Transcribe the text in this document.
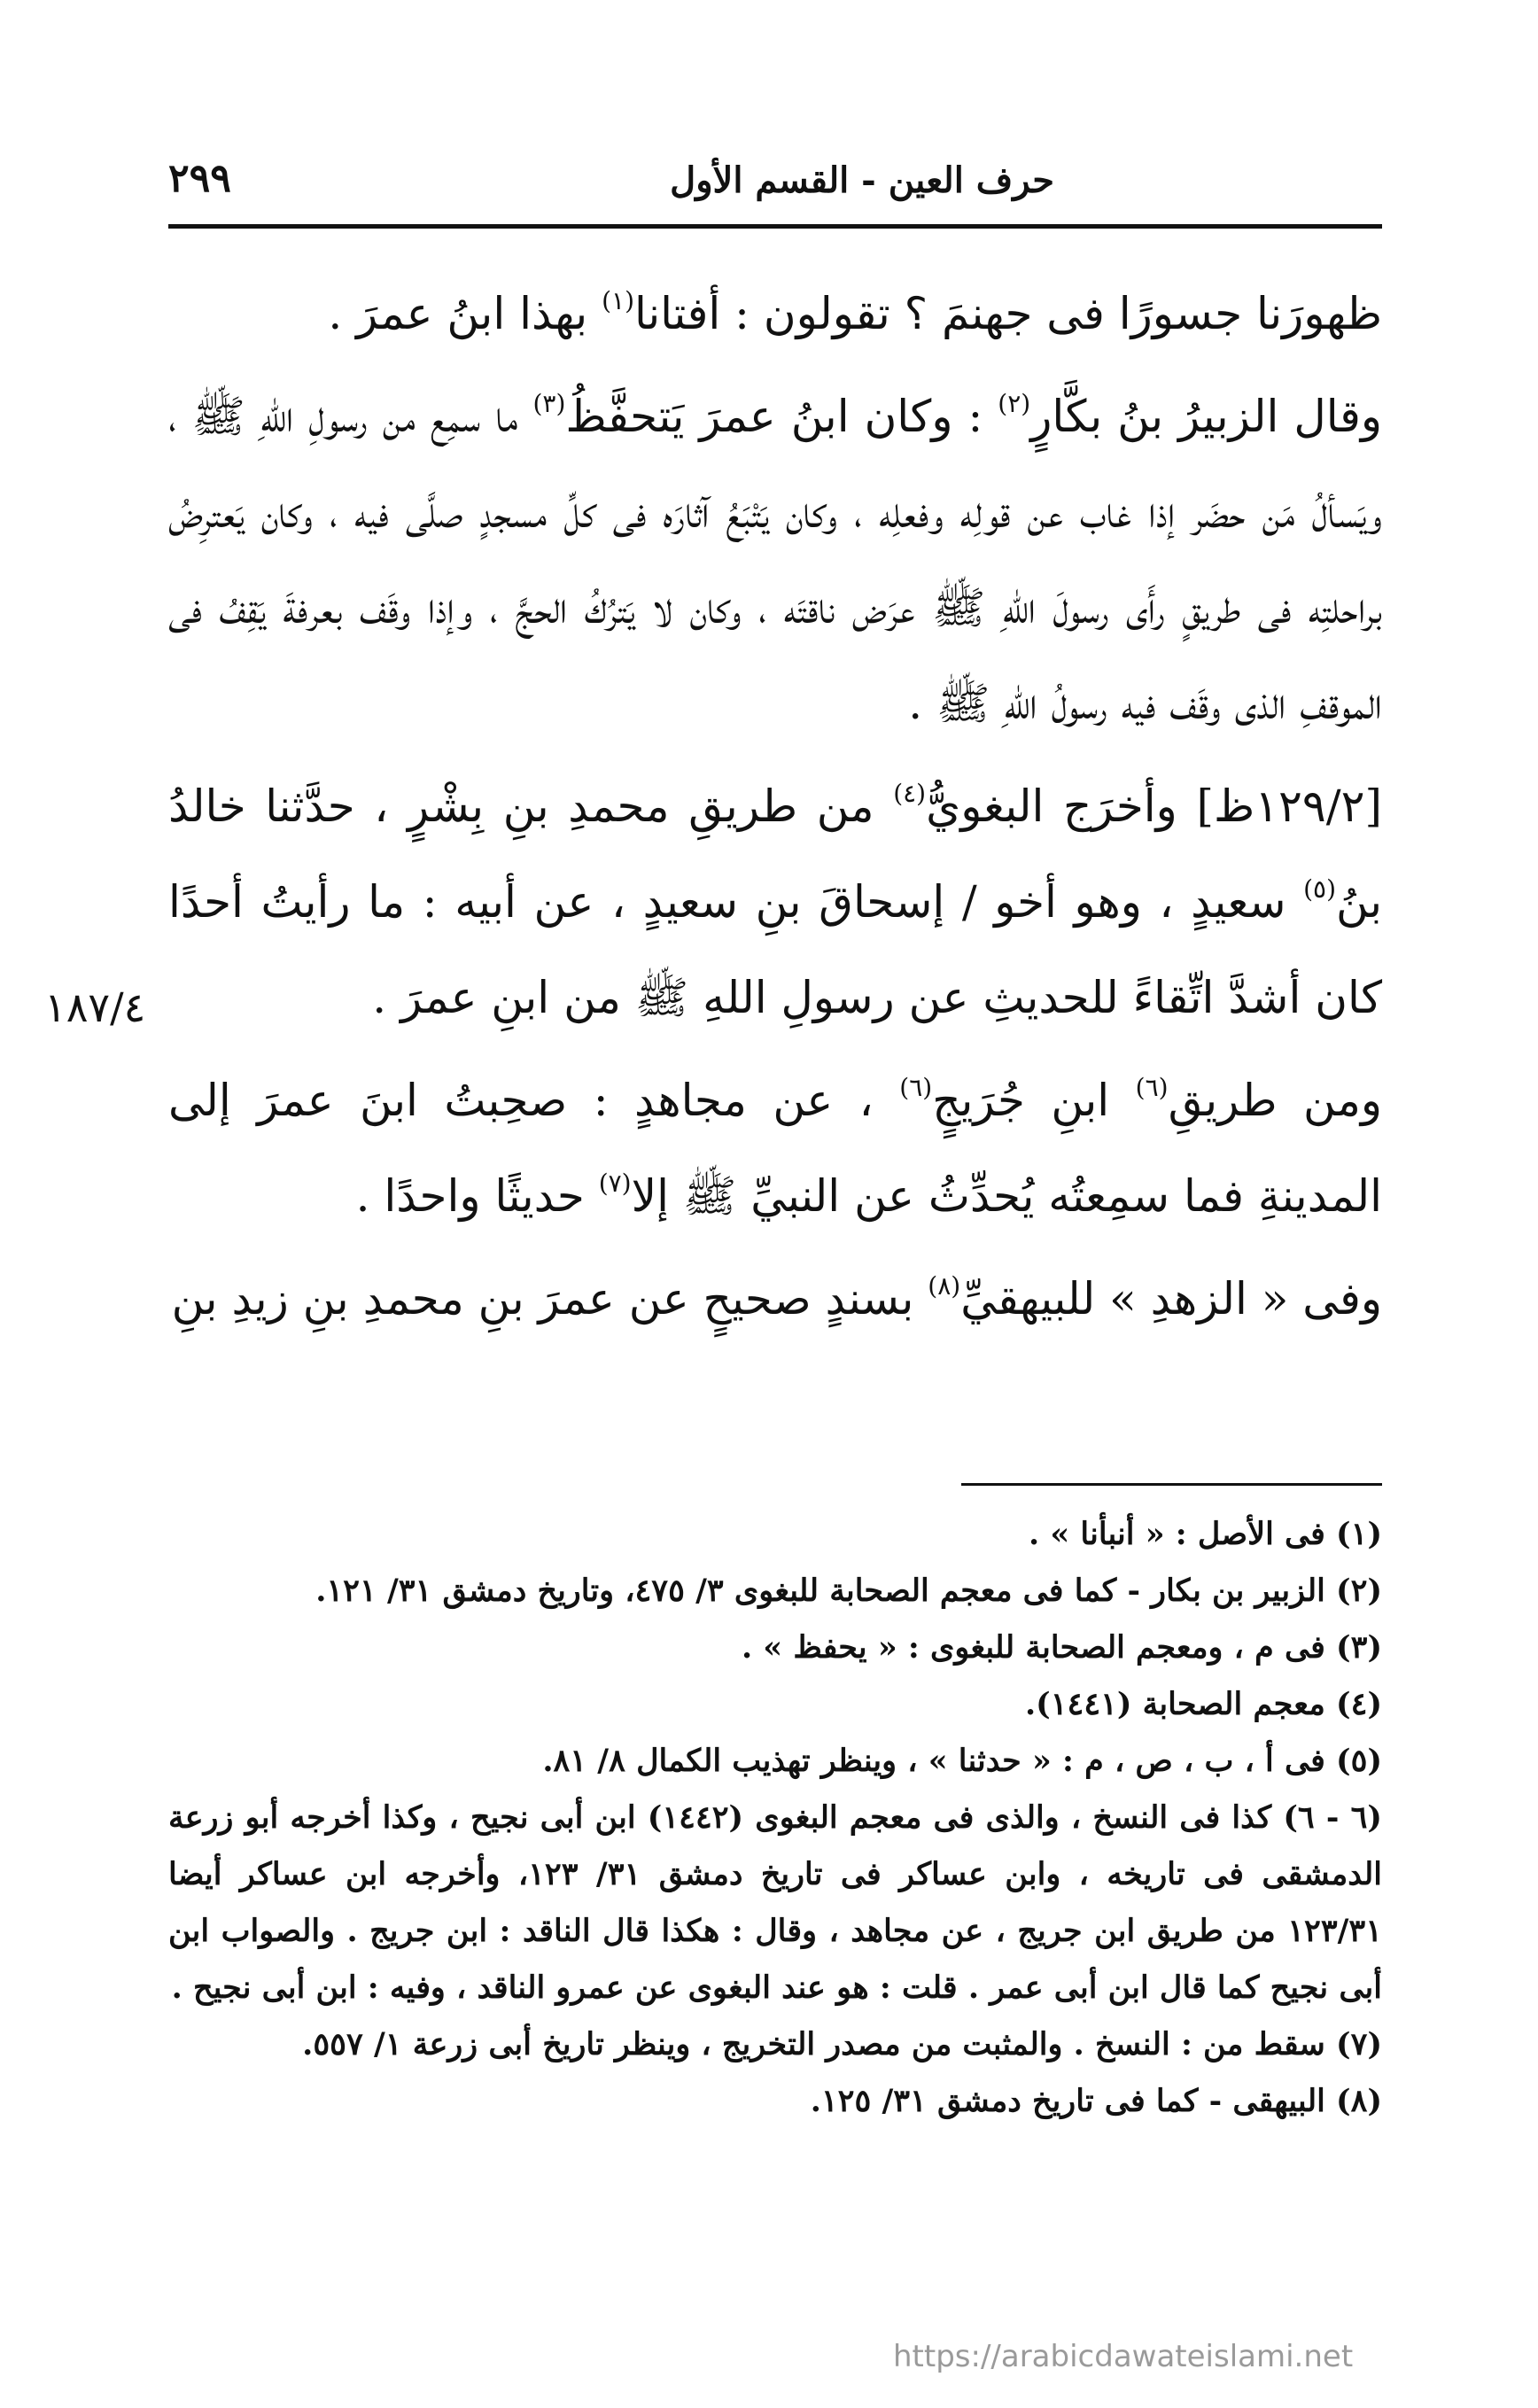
٢٩٩	حرف العين - القسم الأول

ظهورَنا جسورًا فى جهنمَ ؟ تقولون : أفتانا$^{(١)}$ بهذا ابنُ عمرَ .

وقال الزبيرُ بنُ بكَّارٍ$^{(٢)}$ : وكان ابنُ عمرَ يَتحفَّظُ$^{(٣)}$ ما سمِع من رسولِ اللهِ ﷺ ، ويَسألُ مَن حضَر إذا غاب عن قولِه وفعلِه ، وكان يَتْبَعُ آثارَه فى كلِّ مسجدٍ صلَّى فيه ، وكان يَعترِضُ براحلتِه فى طريقٍ رأَى رسولَ اللهِ ﷺ عرَض ناقتَه ، وكان لا يَترُكُ الحجَّ ، وإذا وقَف بعرفةَ يَقِفُ فى الموقفِ الذى وقَف فيه رسولُ اللهِ ﷺ .

[١٢٩/٢ظ] وأخرَج البغويُّ$^{(٤)}$ من طريقِ محمدِ بنِ بِشْرٍ ، حدَّثنا خالدُ بنُ$^{(٥)}$ سعيدٍ ، وهو أخو / إسحاقَ بنِ سعيدٍ ، عن أبيه : ما رأيتُ أحدًا كان أشدَّ اتِّقاءً للحديثِ عن رسولِ اللهِ ﷺ من ابنِ عمرَ .

ومن طريقِ$^{(٦)}$ ابنِ جُرَيجٍ$^{(٦)}$ ، عن مجاهدٍ : صحِبتُ ابنَ عمرَ إلى المدينةِ فما سمِعتُه يُحدِّثُ عن النبيِّ ﷺ إلا$^{(٧)}$ حديثًا واحدًا .

وفى « الزهدِ » للبيهقيِّ$^{(٨)}$ بسندٍ صحيحٍ عن عمرَ بنِ محمدِ بنِ زيدِ بنِ

١٨٧/٤

(١) فى الأصل : « أنبأنا » .

(٢) الزبير بن بكار - كما فى معجم الصحابة للبغوى ٣/ ٤٧٥، وتاريخ دمشق ٣١/ ١٢١.

(٣) فى م ، ومعجم الصحابة للبغوى : « يحفظ » .

(٤) معجم الصحابة (١٤٤١).

(٥) فى أ ، ب ، ص ، م : « حدثنا » ، وينظر تهذيب الكمال ٨/ ٨١.

(٦ - ٦) كذا فى النسخ ، والذى فى معجم البغوى (١٤٤٢) ابن أبى نجيح ، وكذا أخرجه أبو زرعة الدمشقى فى تاريخه ، وابن عساكر فى تاريخ دمشق ٣١/ ١٢٣، وأخرجه ابن عساكر أيضا ١٢٣/٣١ من طريق ابن جريج ، عن مجاهد ، وقال : هكذا قال الناقد : ابن جريج . والصواب ابن أبى نجيح كما قال ابن أبى عمر . قلت : هو عند البغوى عن عمرو الناقد ، وفيه : ابن أبى نجيح .

(٧) سقط من : النسخ . والمثبت من مصدر التخريج ، وينظر تاريخ أبى زرعة ١/ ٥٥٧.

(٨) البيهقى - كما فى تاريخ دمشق ٣١/ ١٢٥.

https://arabicdawateislami.net
